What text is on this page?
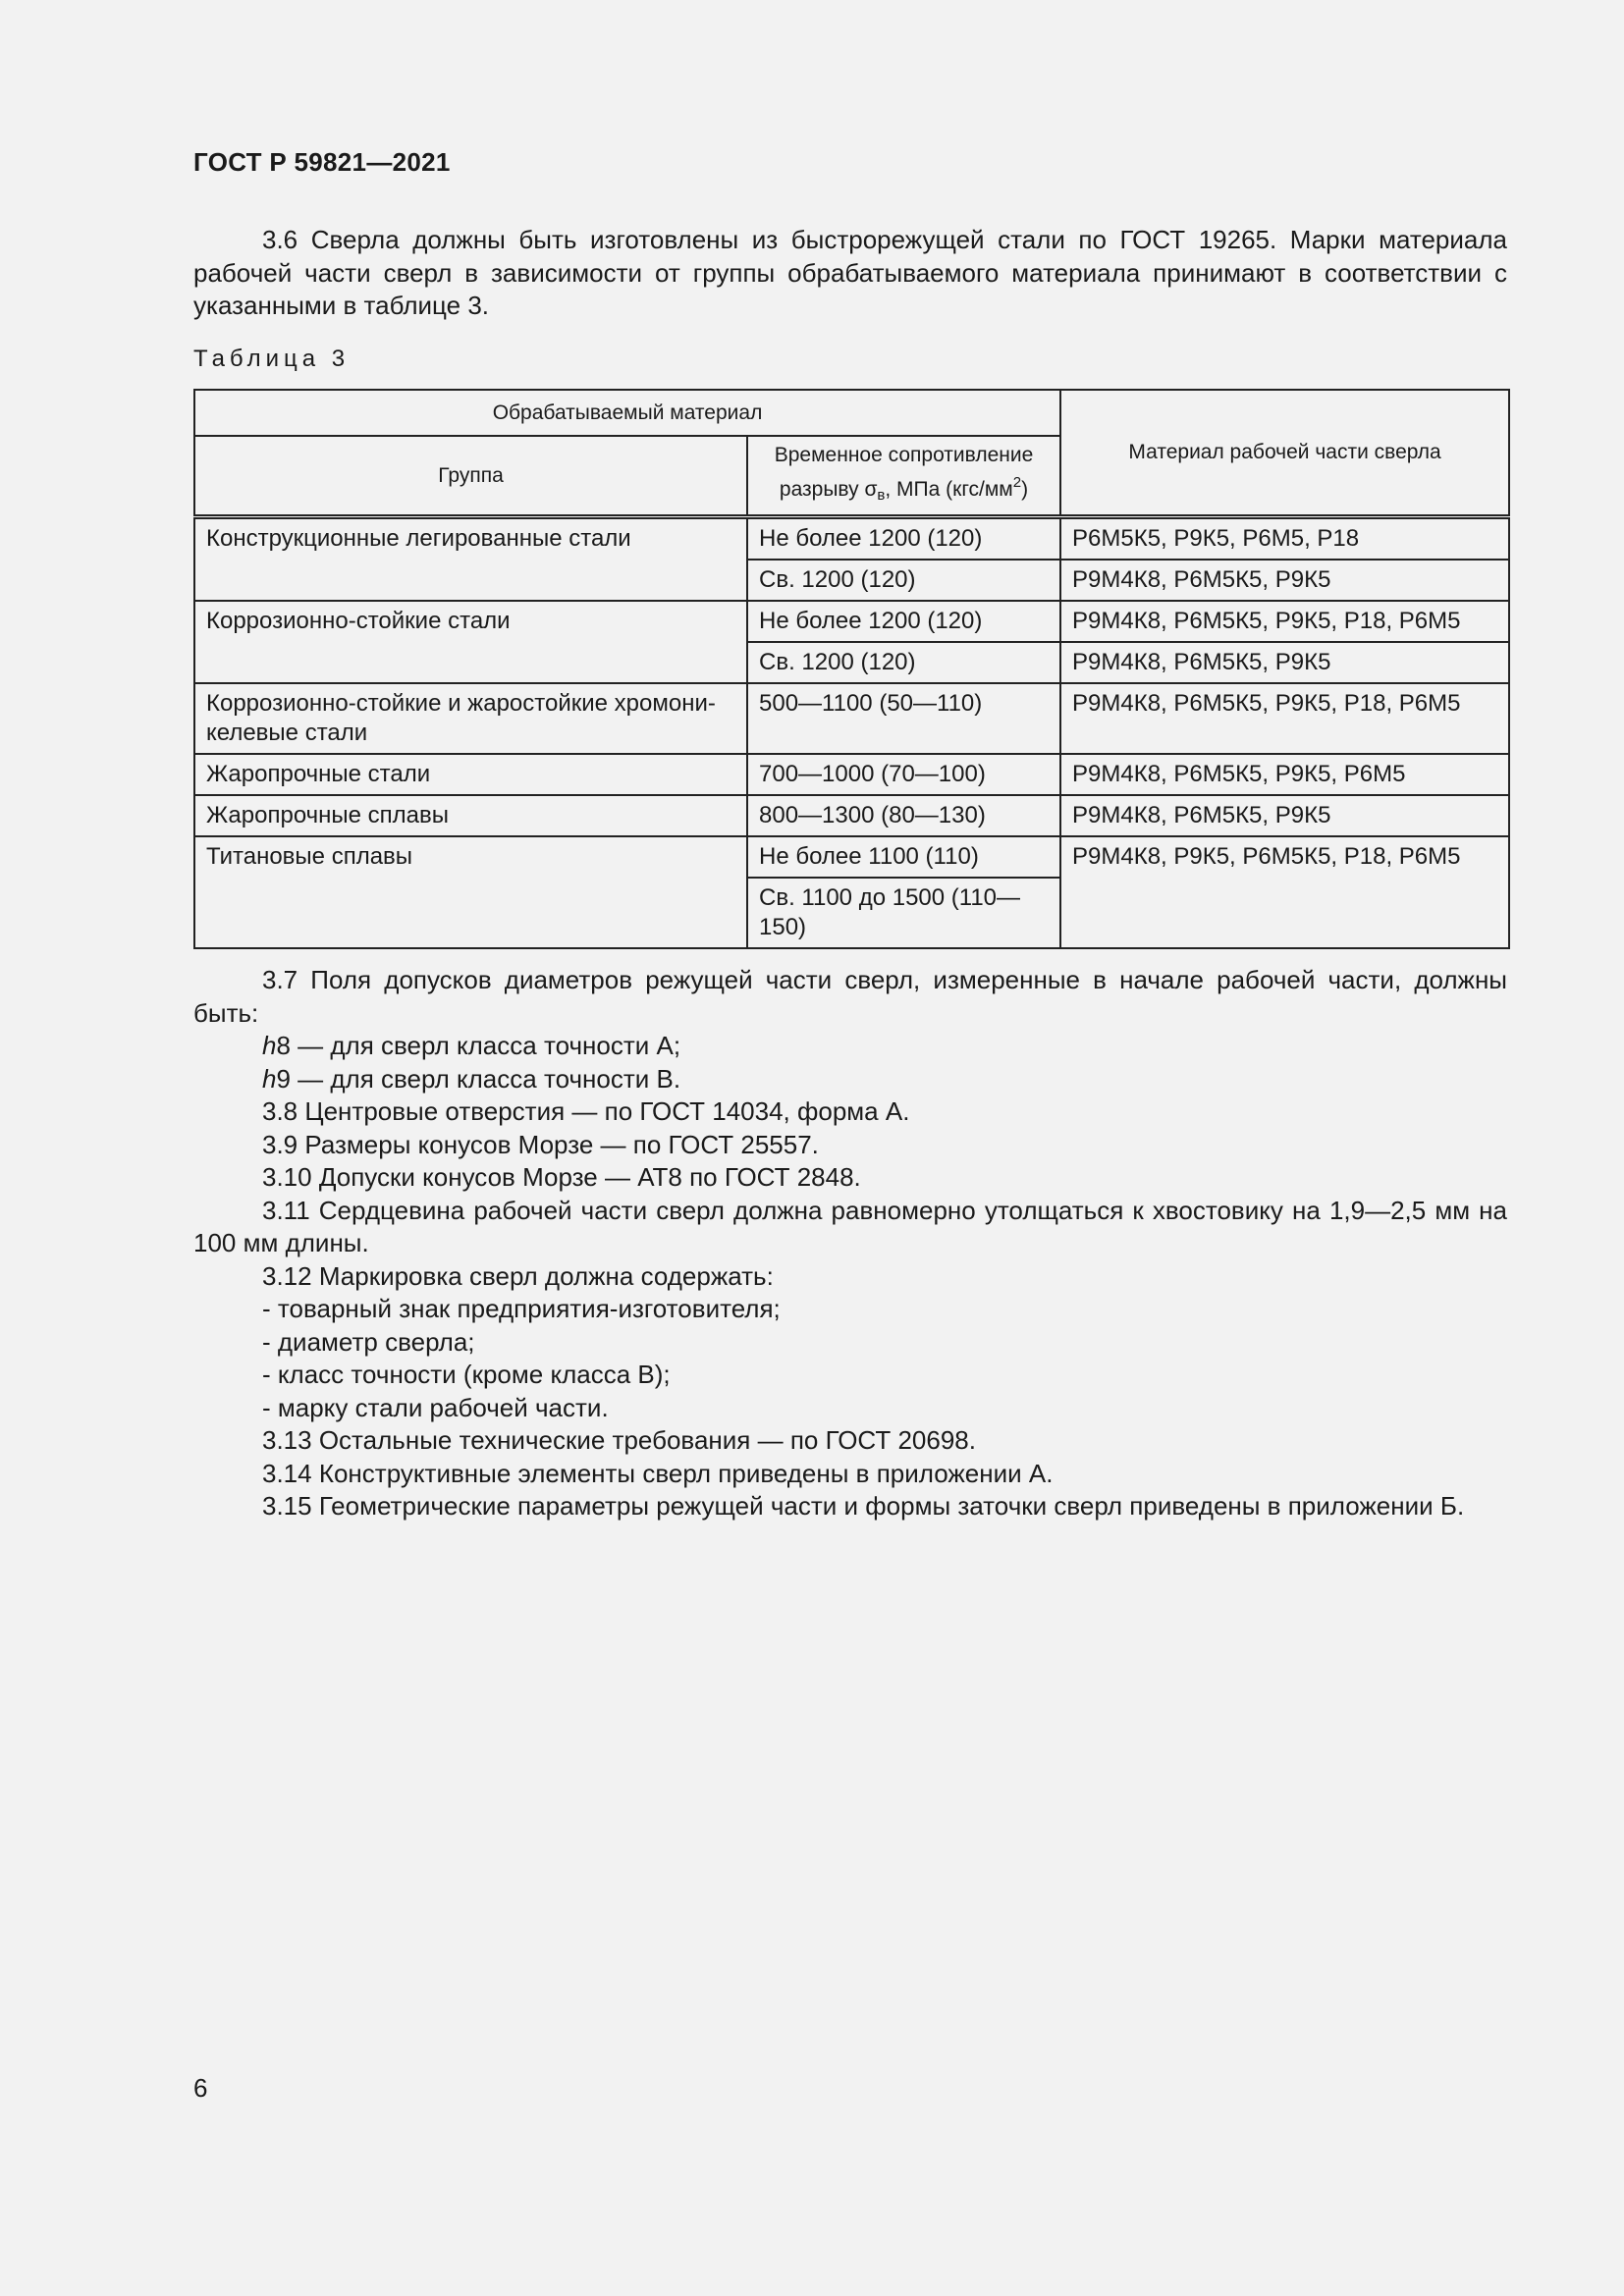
ГОСТ Р 59821—2021
3.6 Сверла должны быть изготовлены из быстрорежущей стали по ГОСТ 19265. Марки материала рабочей части сверл в зависимости от группы обрабатываемого материала принимают в соответствии с указанными в таблице 3.
Таблица 3
Обрабатываемый материал		Материал рабочей части сверла
Группа	Временное сопротивление разрыву $\sigma_в$, МПа $(кгс/мм^2)$	
Конструкционные легированные стали	Не более 1200 (120)	Р6М5К5, Р9К5, Р6М5, Р18
	Св. 1200 (120)	Р9М4К8, Р6М5К5, Р9К5
Коррозионно-стойкие стали	Не более 1200 (120)	Р9М4К8, Р6М5К5, Р9К5, Р18, Р6М5
	Св. 1200 (120)	Р9М4К8, Р6М5К5, Р9К5
Коррозионно-стойкие и жаростойкие хромони-келевые стали	500—1100 (50—110)	Р9М4К8, Р6М5К5, Р9К5, Р18, Р6М5
Жаропрочные стали	700—1000 (70—100)	Р9М4К8, Р6М5К5, Р9К5, Р6М5
Жаропрочные сплавы	800—1300 (80—130)	Р9М4К8, Р6М5К5, Р9К5
Титановые сплавы	Не более 1100 (110)	Р9М4К8, Р9К5, Р6М5К5, Р18, Р6М5
	Св. 1100 до 1500 (110—150)	
3.7 Поля допусков диаметров режущей части сверл, измеренные в начале рабочей части, должны быть:
h8 — для сверл класса точности А;
h9 — для сверл класса точности В.
3.8 Центровые отверстия — по ГОСТ 14034, форма А.
3.9 Размеры конусов Морзе — по ГОСТ 25557.
3.10 Допуски конусов Морзе — АТ8 по ГОСТ 2848.
3.11 Сердцевина рабочей части сверл должна равномерно утолщаться к хвостовику на 1,9—2,5 мм на 100 мм длины.
3.12 Маркировка сверл должна содержать:
- товарный знак предприятия-изготовителя;
- диаметр сверла;
- класс точности (кроме класса В);
- марку стали рабочей части.
3.13 Остальные технические требования — по ГОСТ 20698.
3.14 Конструктивные элементы сверл приведены в приложении А.
3.15 Геометрические параметры режущей части и формы заточки сверл приведены в приложении Б.
6
